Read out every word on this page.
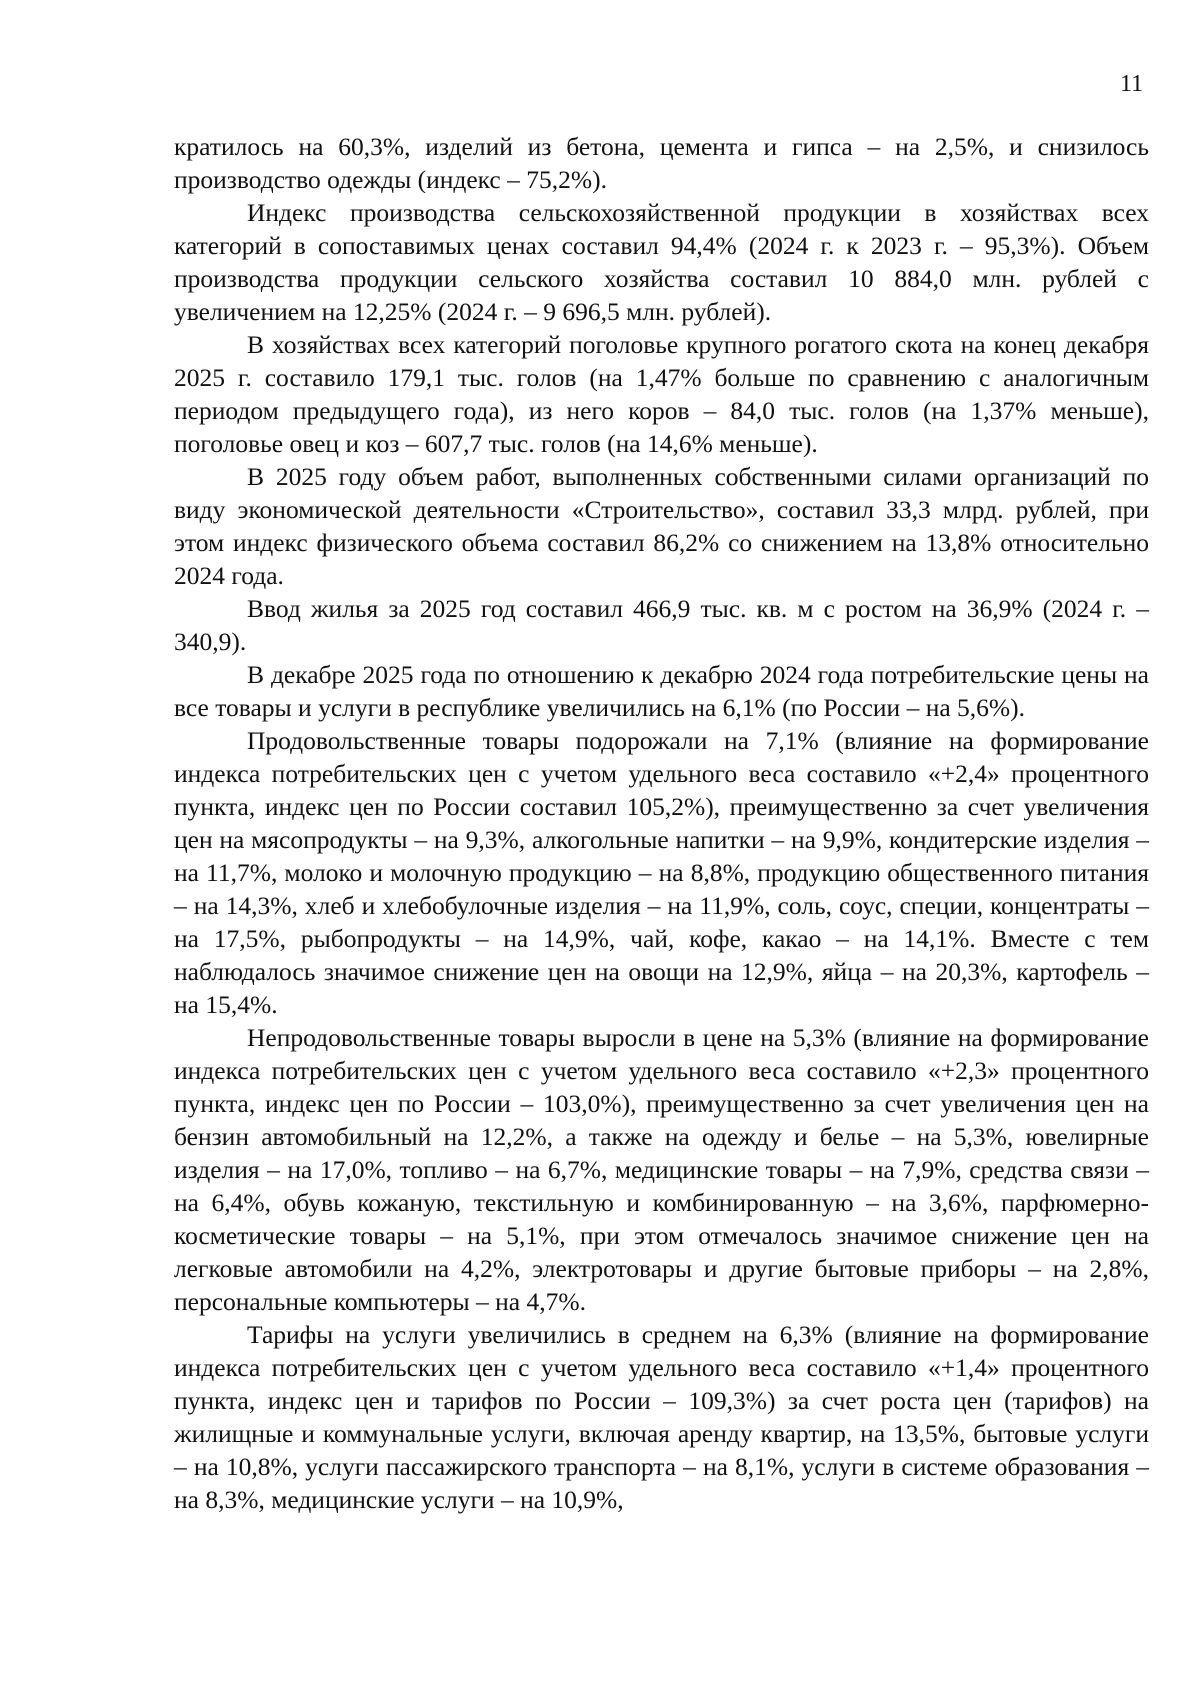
11

кратилось на 60,3%, изделий из бетона, цемента и гипса – на 2,5%, и снизилось производство одежды (индекс – 75,2%).

Индекс производства сельскохозяйственной продукции в хозяйствах всех категорий в сопоставимых ценах составил 94,4% (2024 г. к 2023 г. – 95,3%). Объем производства продукции сельского хозяйства составил 10 884,0 млн. рублей с увеличением на 12,25% (2024 г. – 9 696,5 млн. рублей).

В хозяйствах всех категорий поголовье крупного рогатого скота на конец декабря 2025 г. составило 179,1 тыс. голов (на 1,47% больше по сравнению с аналогичным периодом предыдущего года), из него коров – 84,0 тыс. голов (на 1,37% меньше), поголовье овец и коз – 607,7 тыс. голов (на 14,6% меньше).

В 2025 году объем работ, выполненных собственными силами организаций по виду экономической деятельности «Строительство», составил 33,3 млрд. рублей, при этом индекс физического объема составил 86,2% со снижением на 13,8% относительно 2024 года.

Ввод жилья за 2025 год составил 466,9 тыс. кв. м с ростом на 36,9% (2024 г. – 340,9).

В декабре 2025 года по отношению к декабрю 2024 года потребительские цены на все товары и услуги в республике увеличились на 6,1% (по России – на 5,6%).

Продовольственные товары подорожали на 7,1% (влияние на формирование индекса потребительских цен с учетом удельного веса составило «+2,4» процентного пункта, индекс цен по России составил 105,2%), преимущественно за счет увеличения цен на мясопродукты – на 9,3%, алкогольные напитки – на 9,9%, кондитерские изделия – на 11,7%, молоко и молочную продукцию – на 8,8%, продукцию общественного питания – на 14,3%, хлеб и хлебобулочные изделия – на 11,9%, соль, соус, специи, концентраты – на 17,5%, рыбопродукты – на 14,9%, чай, кофе, какао – на 14,1%. Вместе с тем наблюдалось значимое снижение цен на овощи на 12,9%, яйца – на 20,3%, картофель – на 15,4%.

Непродовольственные товары выросли в цене на 5,3% (влияние на формирование индекса потребительских цен с учетом удельного веса составило «+2,3» процентного пункта, индекс цен по России – 103,0%), преимущественно за счет увеличения цен на бензин автомобильный на 12,2%, а также на одежду и белье – на 5,3%, ювелирные изделия – на 17,0%, топливо – на 6,7%, медицинские товары – на 7,9%, средства связи – на 6,4%, обувь кожаную, текстильную и комбинированную – на 3,6%, парфюмерно-косметические товары – на 5,1%, при этом отмечалось значимое снижение цен на легковые автомобили на 4,2%, электротовары и другие бытовые приборы – на 2,8%, персональные компьютеры – на 4,7%.

Тарифы на услуги увеличились в среднем на 6,3% (влияние на формирование индекса потребительских цен с учетом удельного веса составило «+1,4» процентного пункта, индекс цен и тарифов по России – 109,3%) за счет роста цен (тарифов) на жилищные и коммунальные услуги, включая аренду квартир, на 13,5%, бытовые услуги – на 10,8%, услуги пассажирского транспорта – на 8,1%, услуги в системе образования – на 8,3%, медицинские услуги – на 10,9%,
